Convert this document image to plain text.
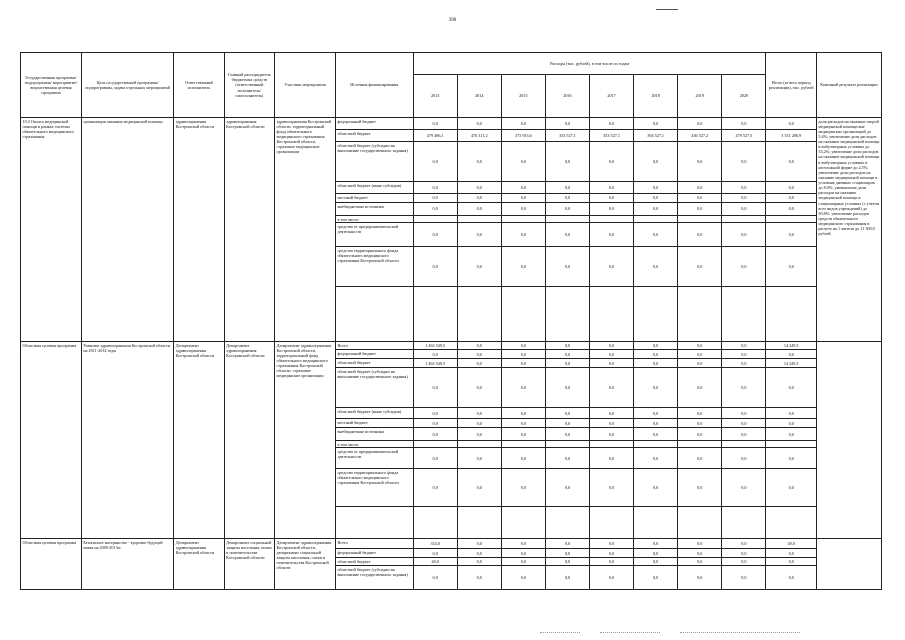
390
Государственная программа/подпрограмма/ мероприятие/ ведомственная целевая программа	Цель государственной программы/подпрограммы, задача отдельных мероприятий	Ответственный исполнитель	Главный распорядитель бюджетных средств (ответственный исполнитель/ соисполнитель)	Участник мероприятия	Источник финансирования	Расходы (тыс. рублей), в том числе по годам								Итого (за весь период реализации), тыс. рублей	Конечный результат реализации
						2013	2014	2015	2016	2017	2018	2019	2020		
10.2 Оплата медицинской помощи в рамках системы обязательного медицинского страхования	организация оказания медицинской помощи	здравоохранения Костромской области	здравоохранения Костромской области	здравоохранения Костромской области, территориальный фонд обязательного медицинского страхования Костромской области, страховые медицинские организации	федеральный бюджет	0,0	0,0	0,0	0,0	0,0	0,0	0,0	0,0	0,0	доля расходов на оказание скорой медицинской помощи вне медицинских организаций до 5,4%; увеличение доли расходов на оказание медицинской помощи в амбулаторных условиях до 33,2%; увеличение доли расходов на оказание медицинской помощи в амбулаторных условиях в неотложной форме до 2,5%; увеличение доли расходов на оказание медицинской помощи в условиях дневных стационаров до 8,0%; уменьшение доли расходов на оказание медицинской помощи в стационарных условиях (с учетом всех видов учреждений) до 50,8%; увеличение расходов средств обязательного медицинского страхования в расчете на 1 жителя до 11 308,0 рублей
					областной бюджет	479 486,1	476 311,2	373 933,6	353 527,1	353 527,1	394 527,1	436 527,2	479 527,5	3 351 286,9	
					областной бюджет (субсидии на выполнение государственного задания)	0,0	0,0	0,0	0,0	0,0	0,0	0,0	0,0	0,0	
					областной бюджет (иные субсидии)	0,0	0,0	0,0	0,0	0,0	0,0	0,0	0,0	0,0	
					местный бюджет	0,0	0,0	0,0	0,0	0,0	0,0	0,0	0,0	0,0	
					внебюджетные источники	0,0	0,0	0,0	0,0	0,0	0,0	0,0	0,0	0,0	
					в том числе:										
					средства от предпринимательской деятельности	0,0	0,0	0,0	0,0	0,0	0,0	0,0	0,0	0,0	
					средства территориального фонда обязательного медицинского страхования Костромской области	0,0	0,0	0,0	0,0	0,0	0,0	0,0	0,0	0,0	

Областная целевая программа	Развитие здравоохранения Костромской области на 2011-2014 годы	Департамент здравоохранения Костромской области	Департамент здравоохранения Костромской области	Департамент здравоохранения Костромской области, территориальный фонд обязательного медицинского страхования Костромской области, страховые медицинские организации	Всего	1 463 549,5	0,0	0,0	0,0	0,0	0,0	0,0	0,0	14 249,5	
					федеральный бюджет	0,0	0,0	0,0	0,0	0,0	0,0	0,0	0,0	0,0	
					областной бюджет	1 463 549,5	0,0	0,0	0,0	0,0	0,0	0,0	0,0	14 249,5	
					областной бюджет (субсидии на выполнение государственного задания)	0,0	0,0	0,0	0,0	0,0	0,0	0,0	0,0	0,0	
					областной бюджет (иные субсидии)	0,0	0,0	0,0	0,0	0,0	0,0	0,0	0,0	0,0	
					местный бюджет	0,0	0,0	0,0	0,0	0,0	0,0	0,0	0,0	0,0	
					внебюджетные источники	0,0	0,0	0,0	0,0	0,0	0,0	0,0	0,0	0,0	
					в том числе:										
					средства от предпринимательской деятельности	0,0	0,0	0,0	0,0	0,0	0,0	0,0	0,0	0,0	
					средства территориального фонда обязательного медицинского страхования Костромской области	0,0	0,0	0,0	0,0	0,0	0,0	0,0	0,0	0,0	

Областная целевая программа	Безопасное материнство - здоровье будущей мамы на 2009-2013гг.	Департамент здравоохранения Костромской области	Департамент социальной защиты населения, опеки и попечительства Костромской области	Департамент здравоохранения Костромской области, департамент социальной защиты населения, опеки и попечительства Костромской области	Всего	333,0	0,0	0,0	0,0	0,0	0,0	0,0	0,0	49,0	
					федеральный бюджет	0,0	0,0	0,0	0,0	0,0	0,0	0,0	0,0	0,0	
					областной бюджет	40,0	0,0	0,0	0,0	0,0	0,0	0,0	0,0	0,0	
					областной бюджет (субсидии на выполнение государственного задания)	0,0	0,0	0,0	0,0	0,0	0,0	0,0	0,0	0,0	
